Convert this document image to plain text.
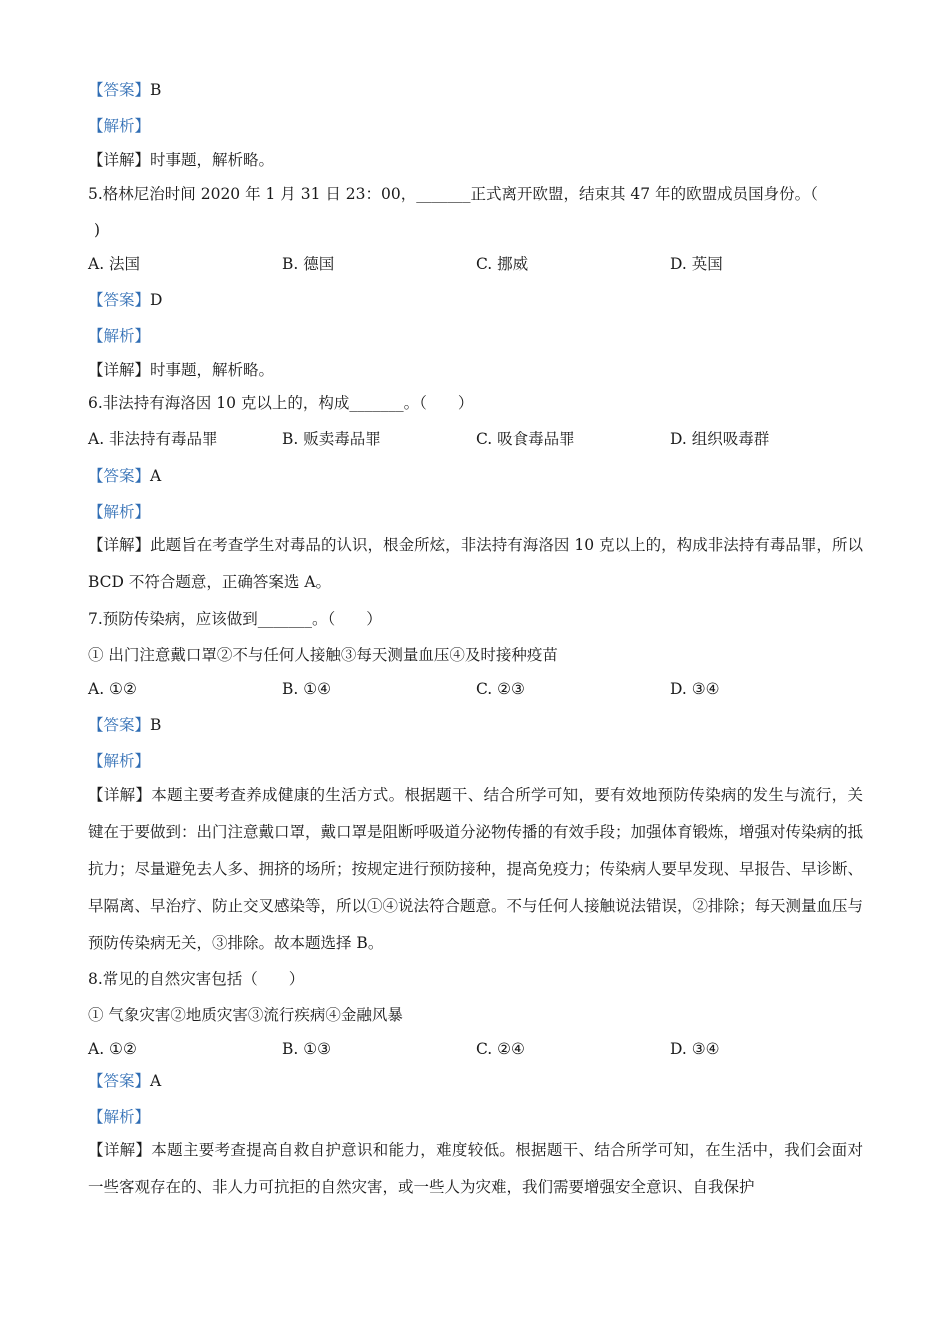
【答案】B
【解析】
【详解】时事题，解析略。
5.格林尼治时间 2020 年 1 月 31 日 23：00，_______正式离开欧盟，结束其 47 年的欧盟成员国身份。（
)
A. 法国	B. 德国	C. 挪威	D. 英国
【答案】D
【解析】
【详解】时事题，解析略。
6.非法持有海洛因 10 克以上的，构成_______。（　　）
A. 非法持有毒品罪	B. 贩卖毒品罪	C. 吸食毒品罪	D. 组织吸毒群
【答案】A
【解析】
【详解】此题旨在考查学生对毒品的认识，根金所炫，非法持有海洛因 10 克以上的，构成非法持有毒品罪，所以 BCD 不符合题意，正确答案选 A。
7.预防传染病，应该做到_______。（　　）
① 出门注意戴口罩②不与任何人接触③每天测量血压④及时接种疫苗
A. ①②	B. ①④	C. ②③	D. ③④
【答案】B
【解析】
【详解】本题主要考查养成健康的生活方式。根据题干、结合所学可知，要有效地预防传染病的发生与流行，关键在于要做到：出门注意戴口罩，戴口罩是阻断呼吸道分泌物传播的有效手段；加强体育锻炼，增强对传染病的抵抗力；尽量避免去人多、拥挤的场所；按规定进行预防接种，提高免疫力；传染病人要早发现、早报告、早诊断、早隔离、早治疗、防止交叉感染等，所以①④说法符合题意。不与任何人接触说法错误，②排除；每天测量血压与预防传染病无关，③排除。故本题选择 B。
8.常见的自然灾害包括（　　）
① 气象灾害②地质灾害③流行疾病④金融风暴
A. ①②	B. ①③	C. ②④	D. ③④
【答案】A
【解析】
【详解】本题主要考查提高自救自护意识和能力，难度较低。根据题干、结合所学可知，在生活中，我们会面对一些客观存在的、非人力可抗拒的自然灾害，或一些人为灾难，我们需要增强安全意识、自我保护
